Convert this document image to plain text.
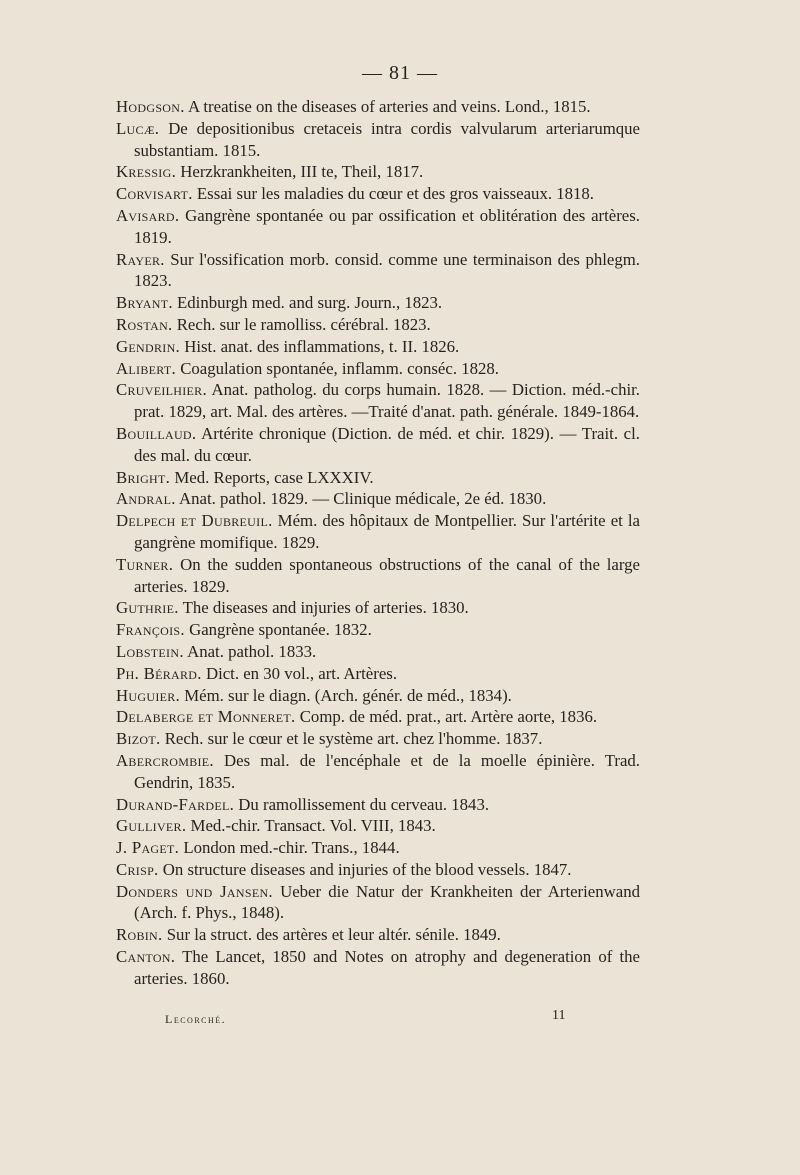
— 81 —

Hodgson. A treatise on the diseases of arteries and veins. Lond., 1815.

Lucæ. De depositionibus cretaceis intra cordis valvularum arteriarumque substantiam. 1815.

Kressig. Herzkrankheiten, III te, Theil, 1817.

Corvisart. Essai sur les maladies du cœur et des gros vaisseaux. 1818.

Avisard. Gangrène spontanée ou par ossification et oblitération des artères. 1819.

Rayer. Sur l'ossification morb. consid. comme une terminaison des phlegm. 1823.

Bryant. Edinburgh med. and surg. Journ., 1823.

Rostan. Rech. sur le ramolliss. cérébral. 1823.

Gendrin. Hist. anat. des inflammations, t. II. 1826.

Alibert. Coagulation spontanée, inflamm. conséc. 1828.

Cruveilhier. Anat. patholog. du corps humain. 1828. — Diction. méd.-chir. prat. 1829, art. Mal. des artères. —Traité d'anat. path. générale. 1849-1864.

Bouillaud. Artérite chronique (Diction. de méd. et chir. 1829). — Trait. cl. des mal. du cœur.

Bright. Med. Reports, case LXXXIV.

Andral. Anat. pathol. 1829. — Clinique médicale, 2e éd. 1830.

Delpech et Dubreuil. Mém. des hôpitaux de Montpellier. Sur l'artérite et la gangrène momifique. 1829.

Turner. On the sudden spontaneous obstructions of the canal of the large arteries. 1829.

Guthrie. The diseases and injuries of arteries. 1830.

François. Gangrène spontanée. 1832.

Lobstein. Anat. pathol. 1833.

Ph. Bérard. Dict. en 30 vol., art. Artères.

Huguier. Mém. sur le diagn. (Arch. génér. de méd., 1834).

Delaberge et Monneret. Comp. de méd. prat., art. Artère aorte, 1836.

Bizot. Rech. sur le cœur et le système art. chez l'homme. 1837.

Abercrombie. Des mal. de l'encéphale et de la moelle épinière. Trad. Gendrin, 1835.

Durand-Fardel. Du ramollissement du cerveau. 1843.

Gulliver. Med.-chir. Transact. Vol. VIII, 1843.

J. Paget. London med.-chir. Trans., 1844.

Crisp. On structure diseases and injuries of the blood vessels. 1847.

Donders und Jansen. Ueber die Natur der Krankheiten der Arterienwand (Arch. f. Phys., 1848).

Robin. Sur la struct. des artères et leur altér. sénile. 1849.

Canton. The Lancet, 1850 and Notes on atrophy and degeneration of the arteries. 1860.

Lecorché.	11
